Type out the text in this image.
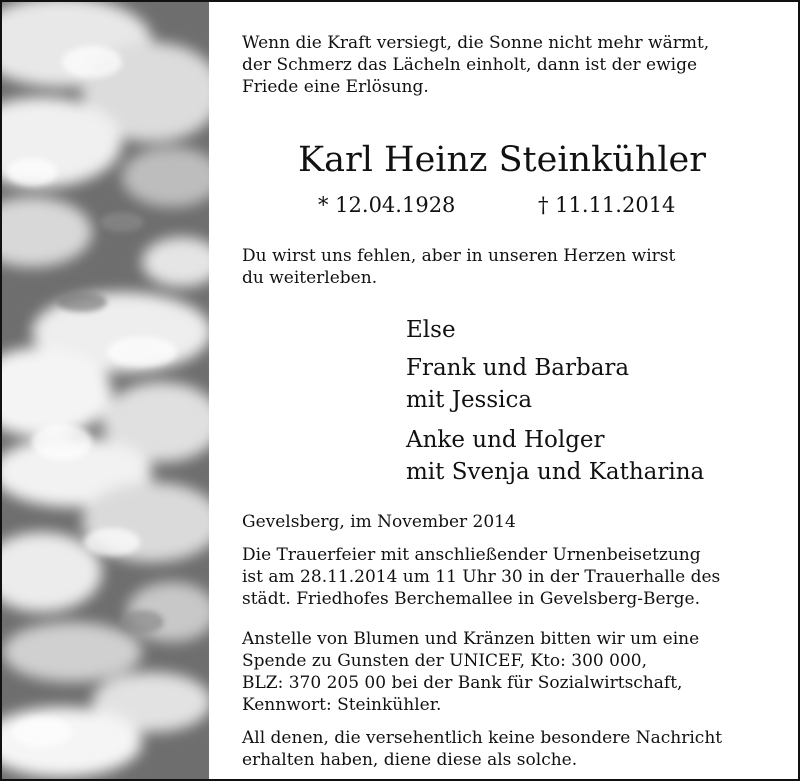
Wenn die Kraft versiegt, die Sonne nicht mehr wärmt,
der Schmerz das Lächeln einholt, dann ist der ewige
Friede eine Erlösung.
Karl Heinz Steinkühler
* 12.04.1928	† 11.11.2014
Du wirst uns fehlen, aber in unseren Herzen wirst
du weiterleben.
Else
Frank und Barbara
mit Jessica
Anke und Holger
mit Svenja und Katharina
Gevelsberg, im November 2014
Die Trauerfeier mit anschließender Urnenbeisetzung
ist am 28.11.2014 um 11 Uhr 30 in der Trauerhalle des
städt. Friedhofes Berchemallee in Gevelsberg-Berge.
Anstelle von Blumen und Kränzen bitten wir um eine
Spende zu Gunsten der UNICEF, Kto: 300 000,
BLZ: 370 205 00 bei der Bank für Sozialwirtschaft,
Kennwort: Steinkühler.
All denen, die versehentlich keine besondere Nachricht
erhalten haben, diene diese als solche.
